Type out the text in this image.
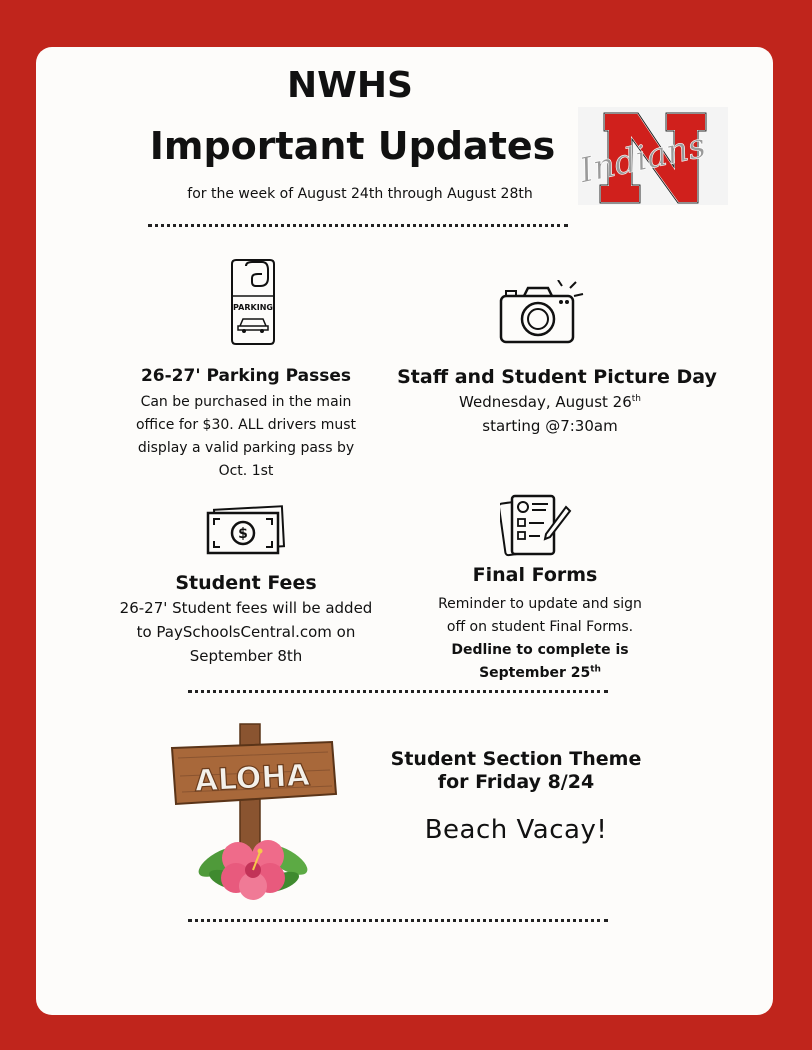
NWHS
Important Updates
for the week of August 24th through August 28th
Indians
PARKING
26-27' Parking Passes
Can be purchased in the main
office for $30. ALL drivers must
display a valid parking pass by
Oct. 1st
Staff and Student Picture Day
Wednesday, August 26th
starting @7:30am
$
Student Fees
26-27' Student fees will be added
to PaySchoolsCentral.com on
September 8th
Final Forms
Reminder to update and sign
off on student Final Forms.
Dedline to complete is
September 25th
ALOHA	Student Section Theme
for Friday 8/24
Beach Vacay!
